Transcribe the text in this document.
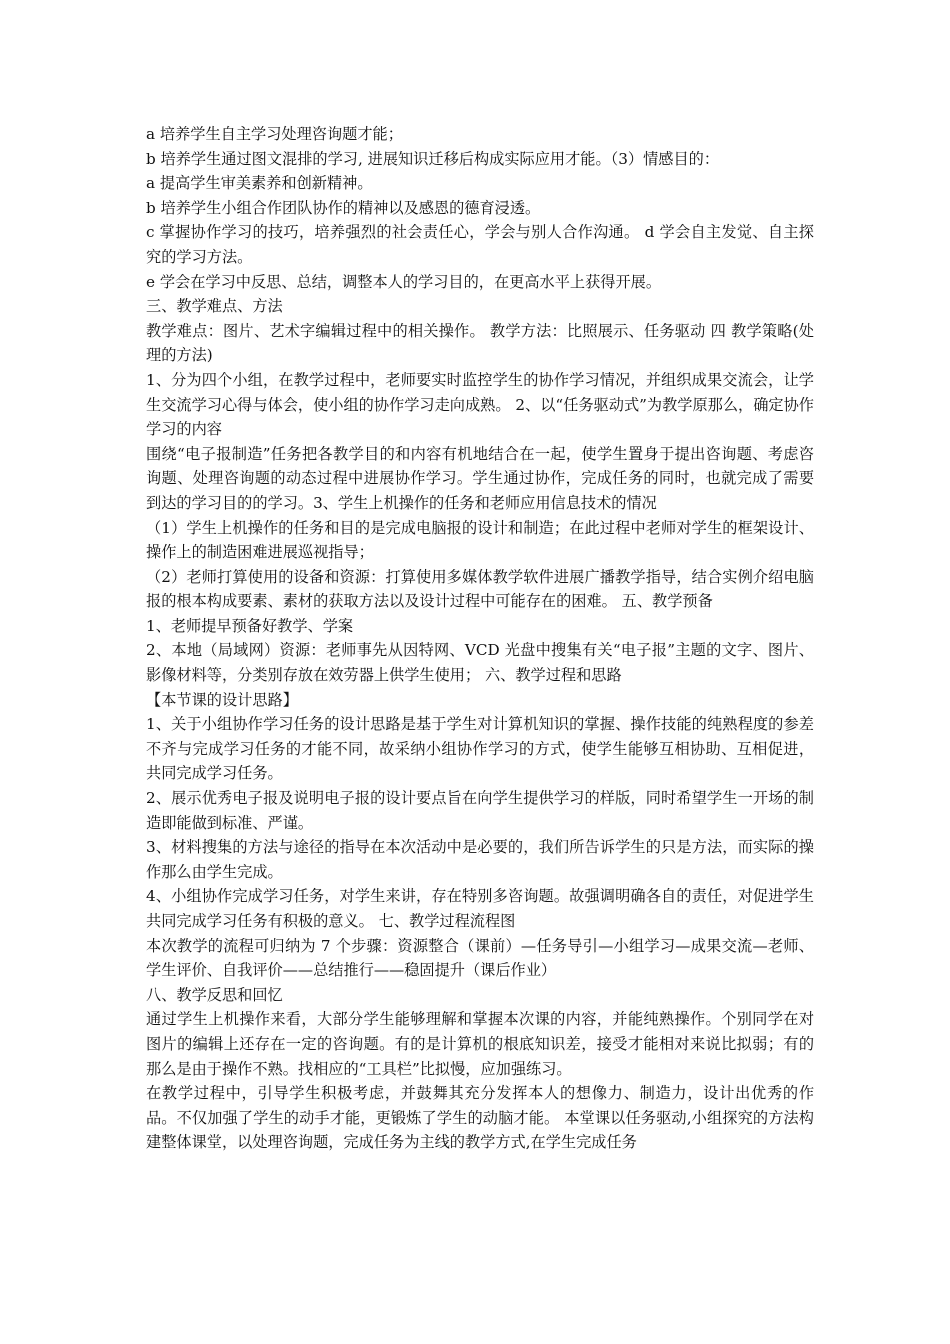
a 培养学生自主学习处理咨询题才能；

b 培养学生通过图文混排的学习, 进展知识迁移后构成实际应用才能。（3）情感目的：

a 提高学生审美素养和创新精神。

b 培养学生小组合作团队协作的精神以及感恩的德育浸透。

c 掌握协作学习的技巧，培养强烈的社会责任心，学会与别人合作沟通。 d 学会自主发觉、自主探究的学习方法。

e 学会在学习中反思、总结，调整本人的学习目的，在更高水平上获得开展。

三、教学难点、方法

教学难点：图片、艺术字编辑过程中的相关操作。 教学方法：比照展示、任务驱动 四 教学策略(处理的方法)

1、分为四个小组，在教学过程中，老师要实时监控学生的协作学习情况，并组织成果交流会，让学生交流学习心得与体会，使小组的协作学习走向成熟。 2、以“任务驱动式”为教学原那么，确定协作学习的内容

围绕“电子报制造”任务把各教学目的和内容有机地结合在一起，使学生置身于提出咨询题、考虑咨询题、处理咨询题的动态过程中进展协作学习。学生通过协作，完成任务的同时，也就完成了需要到达的学习目的的学习。3、学生上机操作的任务和老师应用信息技术的情况

（1）学生上机操作的任务和目的是完成电脑报的设计和制造；在此过程中老师对学生的框架设计、操作上的制造困难进展巡视指导；

（2）老师打算使用的设备和资源：打算使用多媒体教学软件进展广播教学指导，结合实例介绍电脑报的根本构成要素、素材的获取方法以及设计过程中可能存在的困难。 五、教学预备

1、老师提早预备好教学、学案

2、本地（局域网）资源：老师事先从因特网、VCD 光盘中搜集有关“电子报”主题的文字、图片、影像材料等，分类别存放在效劳器上供学生使用； 六、教学过程和思路

【本节课的设计思路】

1、关于小组协作学习任务的设计思路是基于学生对计算机知识的掌握、操作技能的纯熟程度的参差不齐与完成学习任务的才能不同，故采纳小组协作学习的方式，使学生能够互相协助、互相促进，共同完成学习任务。

2、展示优秀电子报及说明电子报的设计要点旨在向学生提供学习的样版，同时希望学生一开场的制造即能做到标准、严谨。

3、材料搜集的方法与途径的指导在本次活动中是必要的，我们所告诉学生的只是方法，而实际的操作那么由学生完成。

4、小组协作完成学习任务，对学生来讲，存在特别多咨询题。故强调明确各自的责任，对促进学生共同完成学习任务有积极的意义。 七、教学过程流程图

本次教学的流程可归纳为 7 个步骤：资源整合（课前）—任务导引—小组学习—成果交流—老师、学生评价、自我评价——总结推行——稳固提升（课后作业）

八、教学反思和回忆

通过学生上机操作来看，大部分学生能够理解和掌握本次课的内容，并能纯熟操作。个别同学在对图片的编辑上还存在一定的咨询题。有的是计算机的根底知识差，接受才能相对来说比拟弱；有的那么是由于操作不熟。找相应的“工具栏”比拟慢，应加强练习。

在教学过程中，引导学生积极考虑，并鼓舞其充分发挥本人的想像力、制造力，设计出优秀的作品。不仅加强了学生的动手才能，更锻炼了学生的动脑才能。 本堂课以任务驱动,小组探究的方法构建整体课堂，以处理咨询题，完成任务为主线的教学方式,在学生完成任务
